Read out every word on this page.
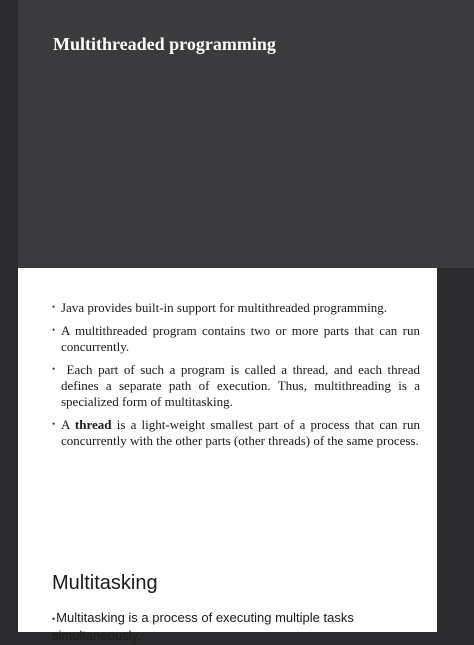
Multithreaded programming
• Java provides built-in support for multithreaded programming.
• A multithreaded program contains two or more parts that can run concurrently.
• Each part of such a program is called a thread, and each thread defines a separate path of execution. Thus, multithreading is a specialized form of multitasking.
• A thread is a light-weight smallest part of a process that can run concurrently with the other parts (other threads) of the same process.
Multitasking
•Multitasking is a process of executing multiple tasks simultaneously.
